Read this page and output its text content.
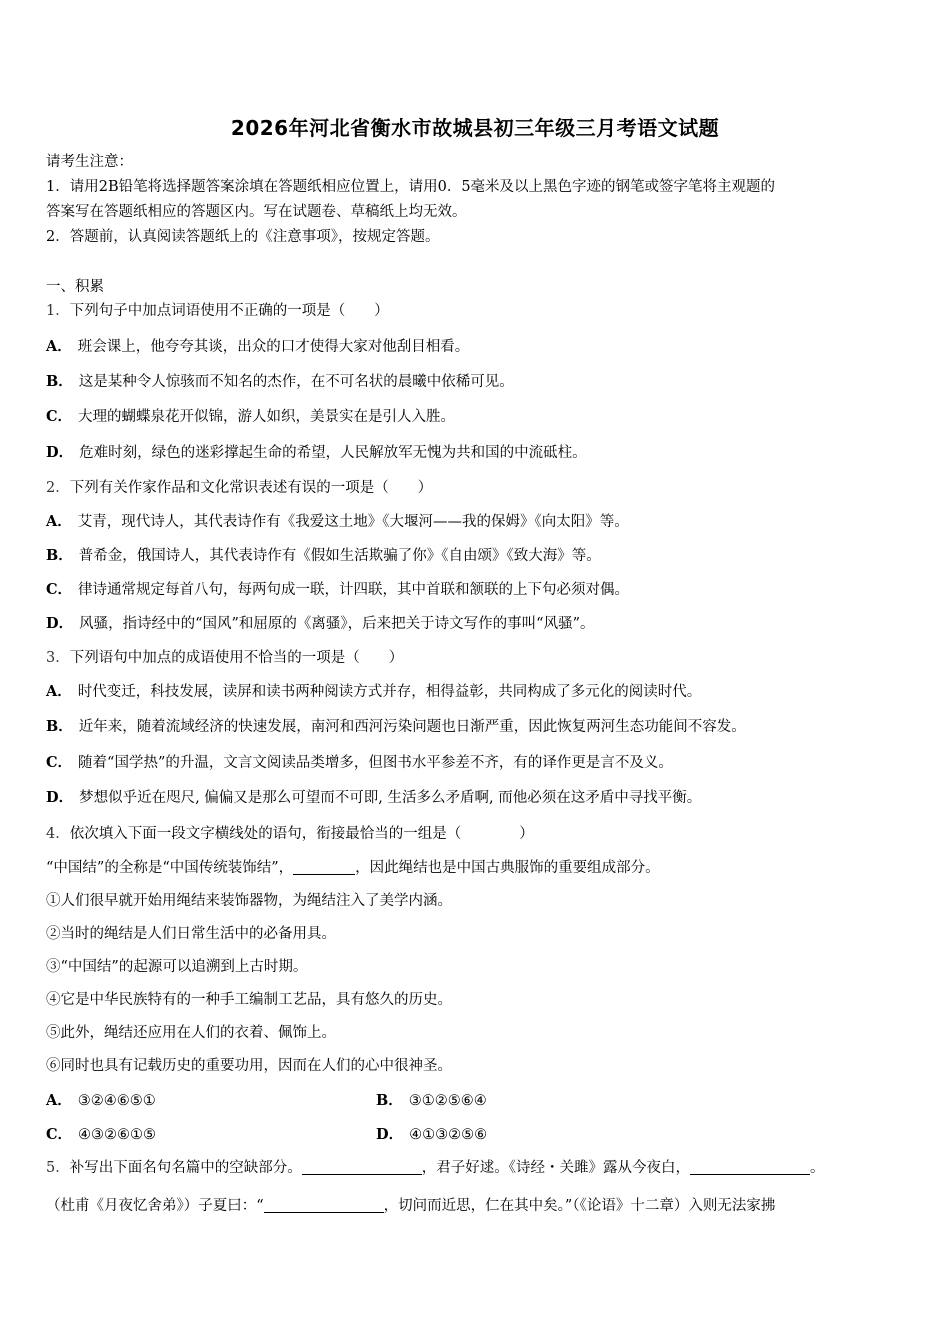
2026年河北省衡水市故城县初三年级三月考语文试题
请考生注意：
1．请用2B铅笔将选择题答案涂填在答题纸相应位置上，请用0．5毫米及以上黑色字迹的钢笔或签字笔将主观题的
答案写在答题纸相应的答题区内。写在试题卷、草稿纸上均无效。
2．答题前，认真阅读答题纸上的《注意事项》，按规定答题。
一、积累
1．下列句子中加点词语使用不正确的一项是（　　）
A． 班会课上，他夸夸其谈，出众的口才使得大家对他刮目相看。
B． 这是某种令人惊骇而不知名的杰作，在不可名状的晨曦中依稀可见。
C． 大理的蝴蝶泉花开似锦，游人如织，美景实在是引人入胜。
D． 危难时刻，绿色的迷彩撑起生命的希望，人民解放军无愧为共和国的中流砥柱。
2．下列有关作家作品和文化常识表述有误的一项是（　　）
A． 艾青，现代诗人，其代表诗作有《我爱这土地》《大堰河——我的保姆》《向太阳》等。
B． 普希金，俄国诗人，其代表诗作有《假如生活欺骗了你》《自由颂》《致大海》等。
C． 律诗通常规定每首八句，每两句成一联，计四联，其中首联和颔联的上下句必须对偶。
D． 风骚，指诗经中的“国风”和屈原的《离骚》，后来把关于诗文写作的事叫“风骚”。
3．下列语句中加点的成语使用不恰当的一项是（　　）
A． 时代变迁，科技发展，读屏和读书两种阅读方式并存，相得益彰，共同构成了多元化的阅读时代。
B． 近年来，随着流域经济的快速发展，南河和西河污染问题也日渐严重，因此恢复两河生态功能间不容发。
C． 随着“国学热”的升温，文言文阅读品类增多，但图书水平参差不齐，有的译作更是言不及义。
D． 梦想似乎近在咫尺, 偏偏又是那么可望而不可即, 生活多么矛盾啊, 而他必须在这矛盾中寻找平衡。
4．依次填入下面一段文字横线处的语句，衔接最恰当的一组是（　　　　）
“中国结”的全称是“中国传统装饰结”，	，因此绳结也是中国古典服饰的重要组成部分。
①人们很早就开始用绳结来装饰器物，为绳结注入了美学内涵。
②当时的绳结是人们日常生活中的必备用具。
③“中国结”的起源可以追溯到上古时期。
④它是中华民族特有的一种手工编制工艺品，具有悠久的历史。
⑤此外，绳结还应用在人们的衣着、佩饰上。
⑥同时也具有记载历史的重要功用，因而在人们的心中很神圣。
A． ③②④⑥⑤①	B． ③①②⑤⑥④
C． ④③②⑥①⑤	D． ④①③②⑤⑥
5．补写出下面名句名篇中的空缺部分。	，君子好逑。《诗经・关雎》露从今夜白，	。
（杜甫《月夜忆舍弟》）子夏曰：“	，切问而近思，仁在其中矣。”（《论语》十二章）入则无法家拂
